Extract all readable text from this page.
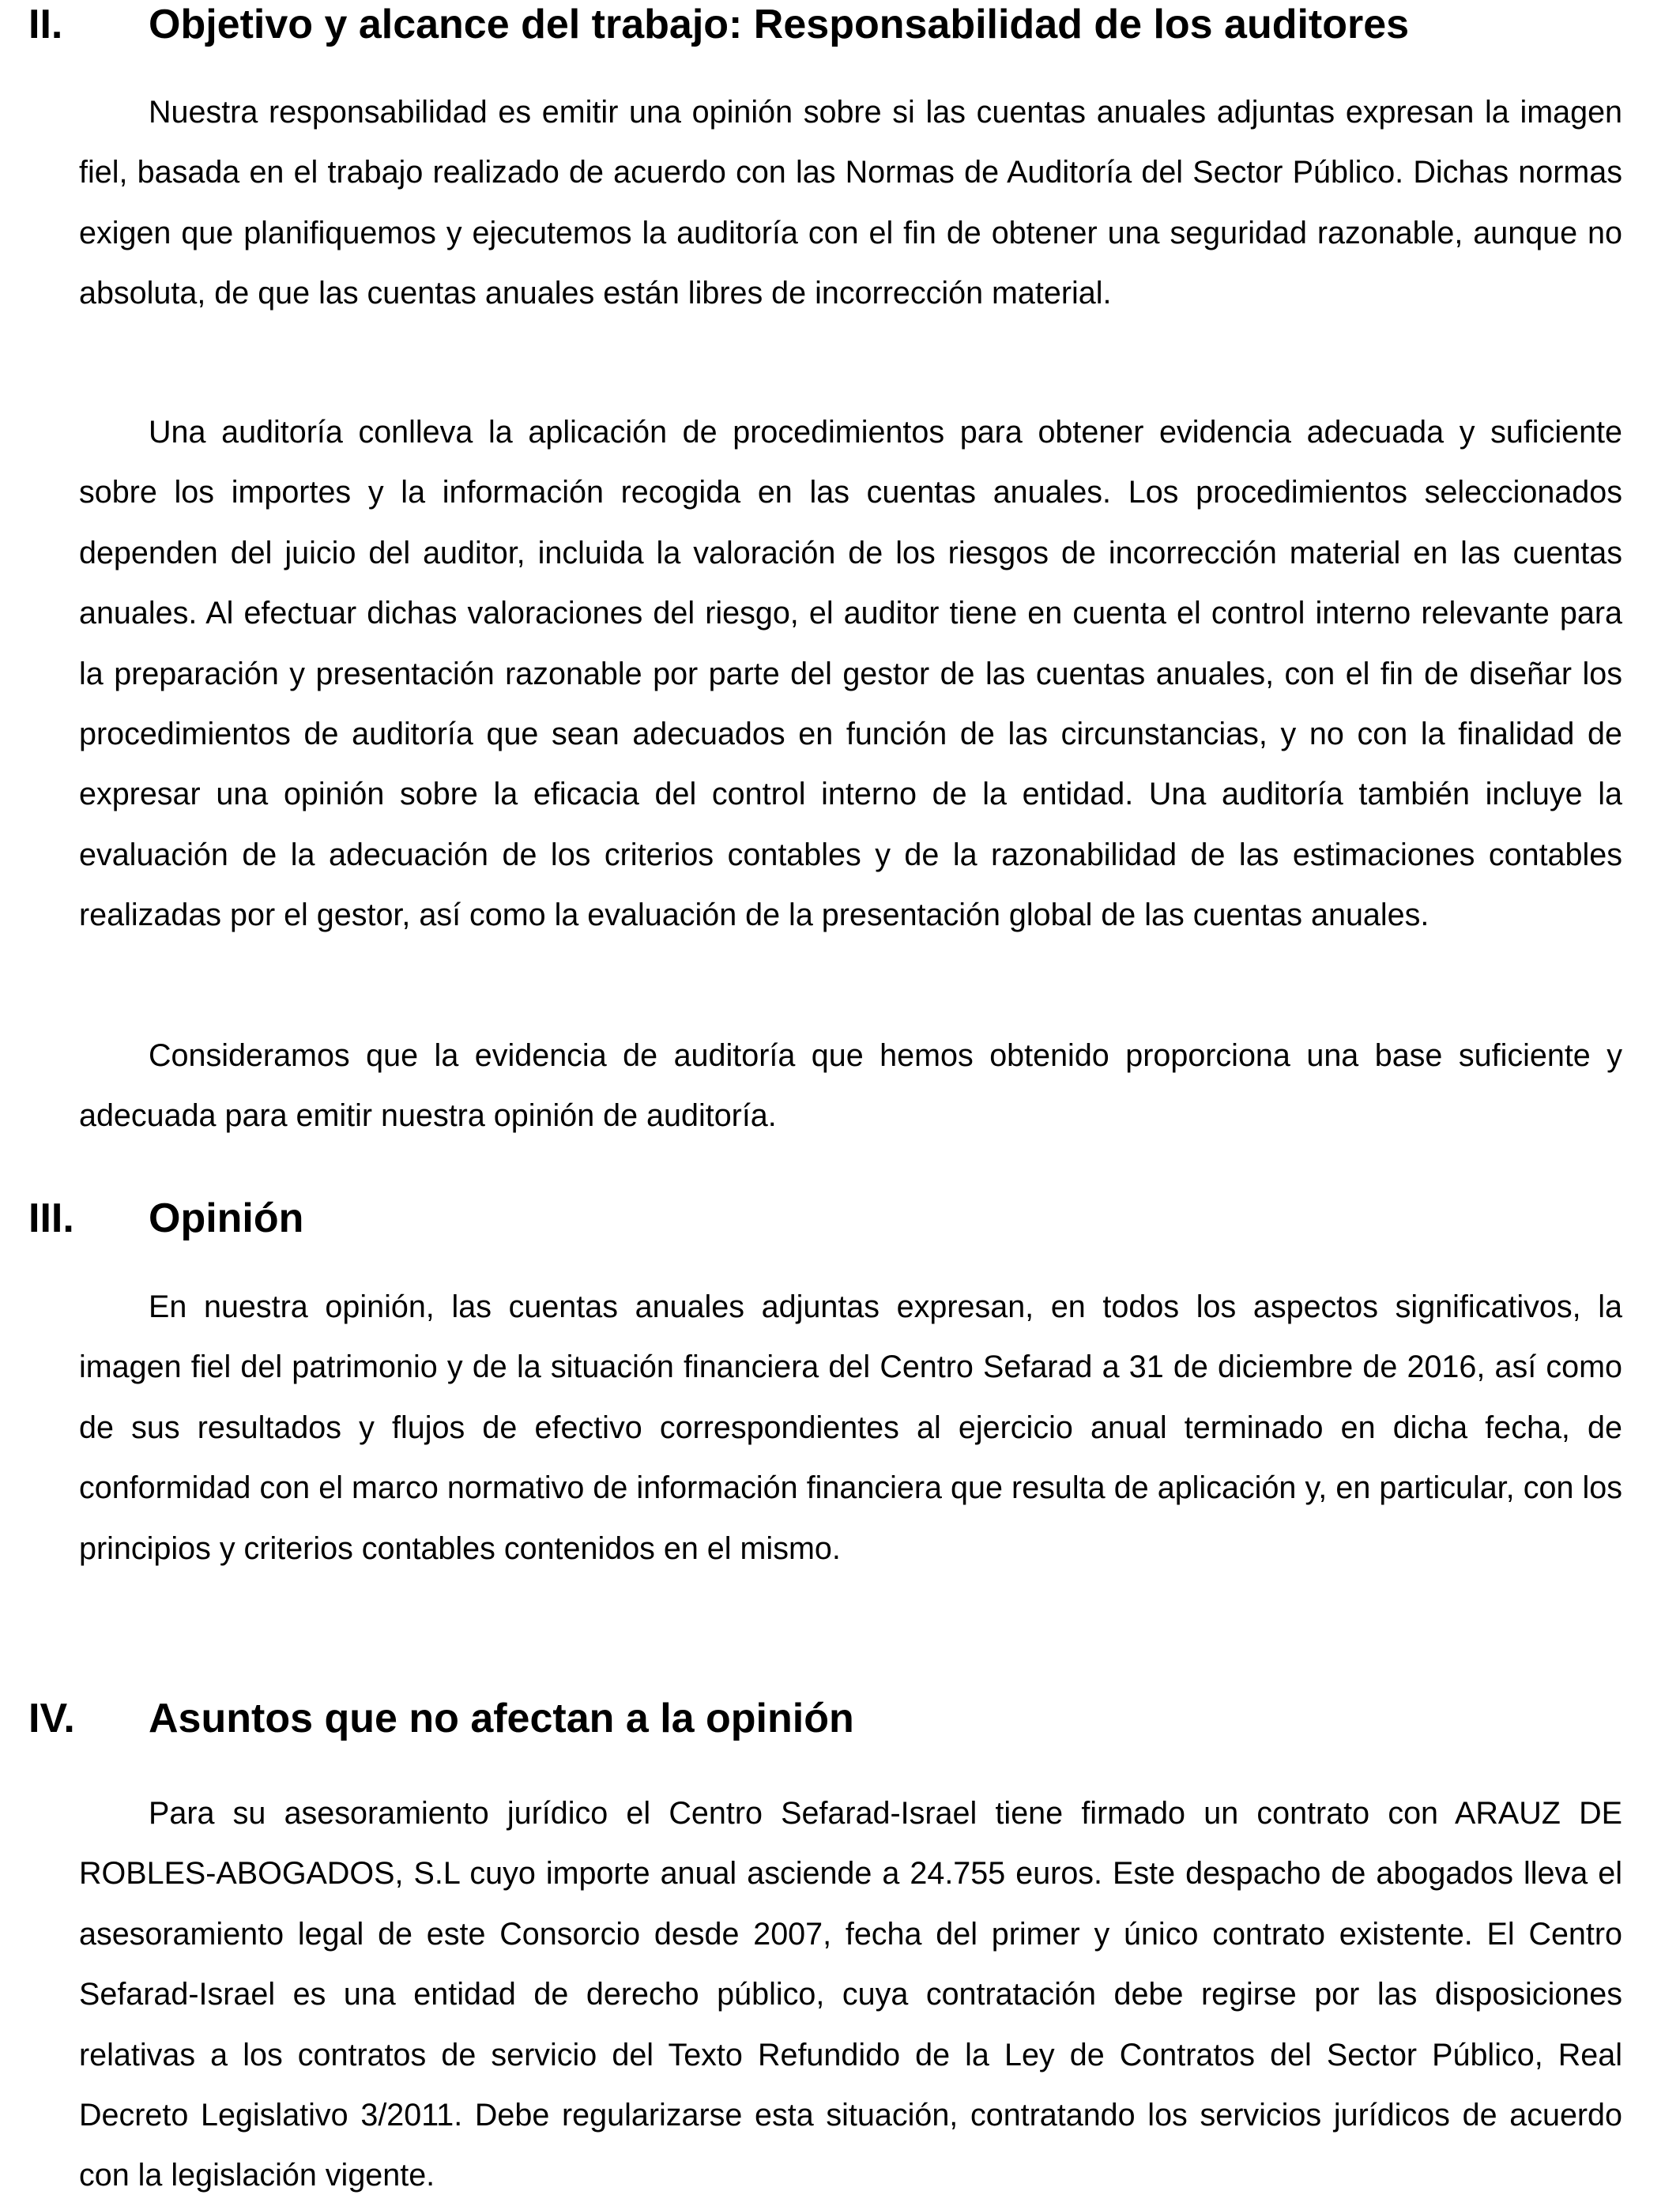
II. Objetivo y alcance del trabajo: Responsabilidad de los auditores

Nuestra responsabilidad es emitir una opinión sobre si las cuentas anuales adjuntas expresan la imagen fiel, basada en el trabajo realizado de acuerdo con las Normas de Auditoría del Sector Público. Dichas normas exigen que planifiquemos y ejecutemos la auditoría con el fin de obtener una seguridad razonable, aunque no absoluta, de que las cuentas anuales están libres de incorrección material.

Una auditoría conlleva la aplicación de procedimientos para obtener evidencia adecuada y suficiente sobre los importes y la información recogida en las cuentas anuales. Los procedimientos seleccionados dependen del juicio del auditor, incluida la valoración de los riesgos de incorrección material en las cuentas anuales. Al efectuar dichas valoraciones del riesgo, el auditor tiene en cuenta el control interno relevante para la preparación y presentación razonable por parte del gestor de las cuentas anuales, con el fin de diseñar los procedimientos de auditoría que sean adecuados en función de las circunstancias, y no con la finalidad de expresar una opinión sobre la eficacia del control interno de la entidad. Una auditoría también incluye la evaluación de la adecuación de los criterios contables y de la razonabilidad de las estimaciones contables realizadas por el gestor, así como la evaluación de la presentación global de las cuentas anuales.

Consideramos que la evidencia de auditoría que hemos obtenido proporciona una base suficiente y adecuada para emitir nuestra opinión de auditoría.

III. Opinión

En nuestra opinión, las cuentas anuales adjuntas expresan, en todos los aspectos significativos, la imagen fiel del patrimonio y de la situación financiera del Centro Sefarad a 31 de diciembre de 2016, así como de sus resultados y flujos de efectivo correspondientes al ejercicio anual terminado en dicha fecha, de conformidad con el marco normativo de información financiera que resulta de aplicación y, en particular, con los principios y criterios contables contenidos en el mismo.

IV. Asuntos que no afectan a la opinión

Para su asesoramiento jurídico el Centro Sefarad-Israel tiene firmado un contrato con ARAUZ DE ROBLES-ABOGADOS, S.L cuyo importe anual asciende a 24.755 euros. Este despacho de abogados lleva el asesoramiento legal de este Consorcio desde 2007, fecha del primer y único contrato existente. El Centro Sefarad-Israel es una entidad de derecho público, cuya contratación debe regirse por las disposiciones relativas a los contratos de servicio del Texto Refundido de la Ley de Contratos del Sector Público, Real Decreto Legislativo 3/2011. Debe regularizarse esta situación, contratando los servicios jurídicos de acuerdo con la legislación vigente.
